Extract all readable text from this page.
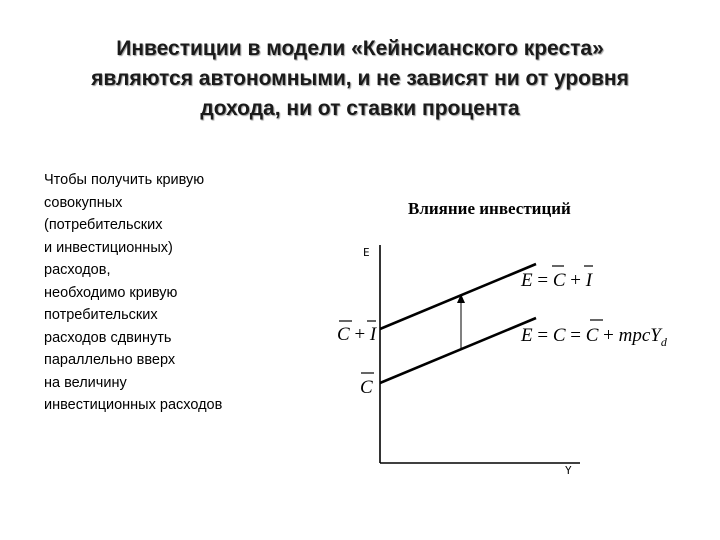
Инвестиции в модели «Кейнсианского креста»
являются автономными, и не зависят ни от уровня
дохода, ни от ставки процента
Чтобы получить кривую
совокупных
(потребительских
и инвестиционных)
расходов,
необходимо кривую
потребительских
расходов сдвинуть
параллельно вверх
на величину
инвестиционных расходов
Влияние инвестиций
E
Y
C + I
C
E = C + I
E = C = C + mpcY$_d$
